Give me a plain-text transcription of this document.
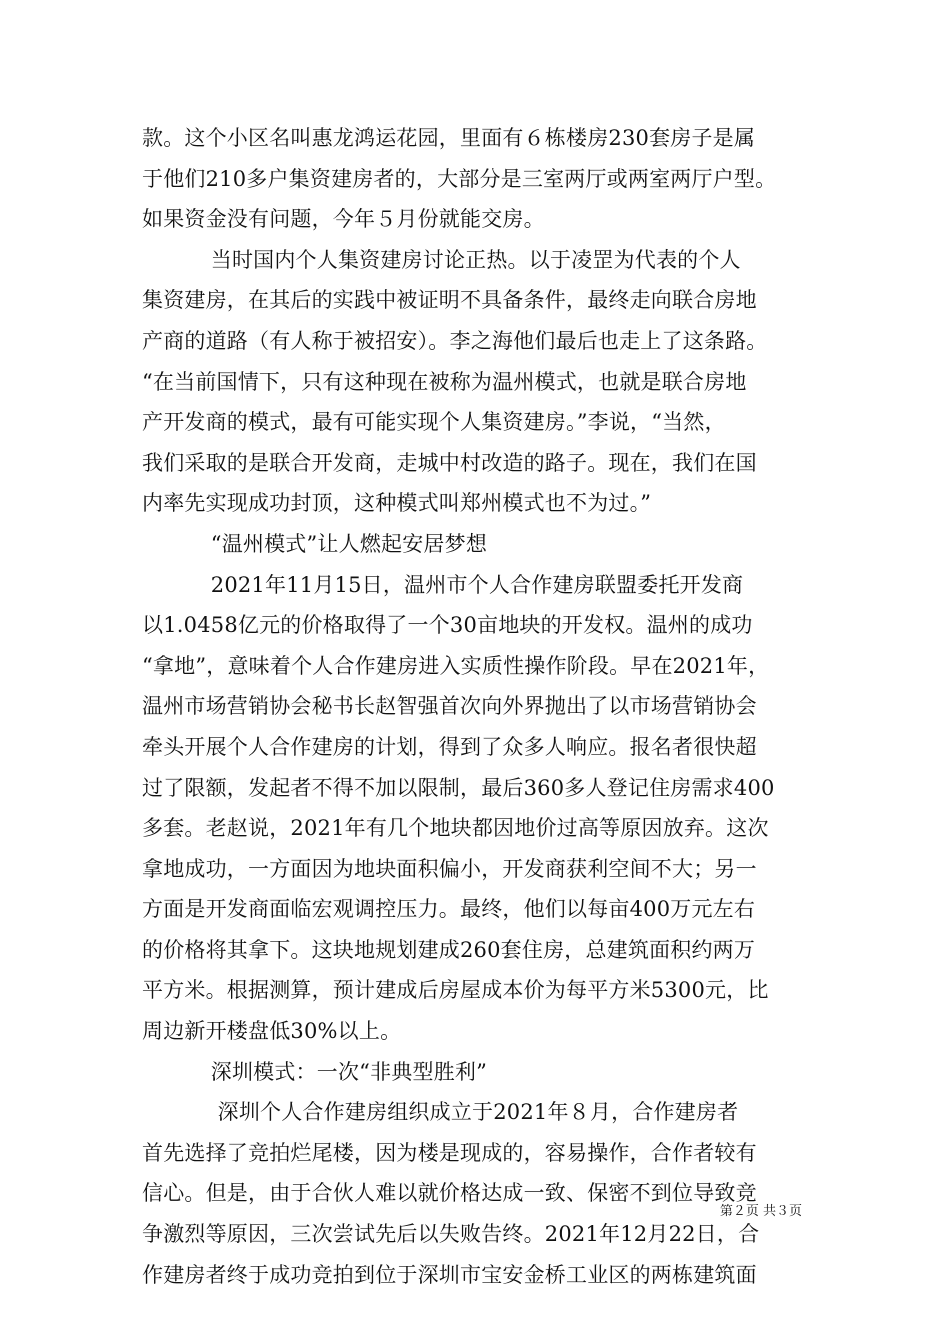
款。这个小区名叫惠龙鸿运花园，里面有６栋楼房230套房子是属
于他们210多户集资建房者的，大部分是三室两厅或两室两厅户型。
如果资金没有问题，今年５月份就能交房。
当时国内个人集资建房讨论正热。以于凌罡为代表的个人
集资建房，在其后的实践中被证明不具备条件，最终走向联合房地
产商的道路（有人称于被招安）。李之海他们最后也走上了这条路。
“在当前国情下，只有这种现在被称为温州模式，也就是联合房地
产开发商的模式，最有可能实现个人集资建房。”李说，“当然，
我们采取的是联合开发商，走城中村改造的路子。现在，我们在国
内率先实现成功封顶，这种模式叫郑州模式也不为过。”
“温州模式”让人燃起安居梦想
2021年11月15日，温州市个人合作建房联盟委托开发商
以1.0458亿元的价格取得了一个30亩地块的开发权。温州的成功
“拿地”，意味着个人合作建房进入实质性操作阶段。早在2021年，
温州市场营销协会秘书长赵智强首次向外界抛出了以市场营销协会
牵头开展个人合作建房的计划，得到了众多人响应。报名者很快超
过了限额，发起者不得不加以限制，最后360多人登记住房需求400
多套。老赵说，2021年有几个地块都因地价过高等原因放弃。这次
拿地成功，一方面因为地块面积偏小，开发商获利空间不大；另一
方面是开发商面临宏观调控压力。最终，他们以每亩400万元左右
的价格将其拿下。这块地规划建成260套住房，总建筑面积约两万
平方米。根据测算，预计建成后房屋成本价为每平方米5300元，比
周边新开楼盘低30%以上。
深圳模式：一次“非典型胜利”
深圳个人合作建房组织成立于2021年８月，合作建房者
首先选择了竞拍烂尾楼，因为楼是现成的，容易操作，合作者较有
信心。但是，由于合伙人难以就价格达成一致、保密不到位导致竞
争激烈等原因，三次尝试先后以失败告终。2021年12月22日，合
作建房者终于成功竞拍到位于深圳市宝安金桥工业区的两栋建筑面
第２页 共３页
